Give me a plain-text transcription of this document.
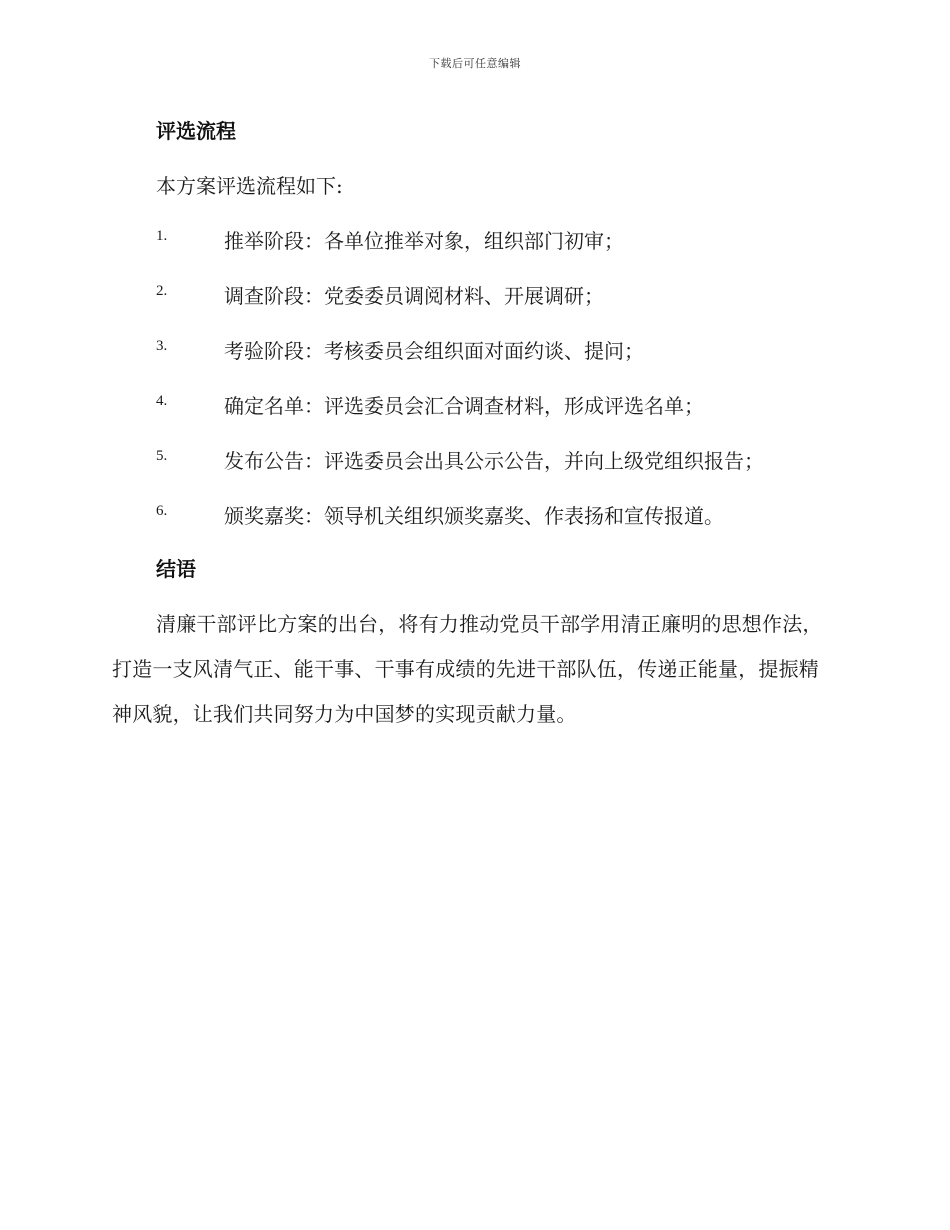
下载后可任意编辑
评选流程
本方案评选流程如下:
1.	推举阶段：各单位推举对象，组织部门初审；
2.	调查阶段：党委委员调阅材料、开展调研；
3.	考验阶段：考核委员会组织面对面约谈、提问；
4.	确定名单：评选委员会汇合调查材料，形成评选名单；
5.	发布公告：评选委员会出具公示公告，并向上级党组织报告；
6.	颁奖嘉奖：领导机关组织颁奖嘉奖、作表扬和宣传报道。
结语

清廉干部评比方案的出台，将有力推动党员干部学用清正廉明的思想作法，打造一支风清气正、能干事、干事有成绩的先进干部队伍，传递正能量，提振精神风貌，让我们共同努力为中国梦的实现贡献力量。
